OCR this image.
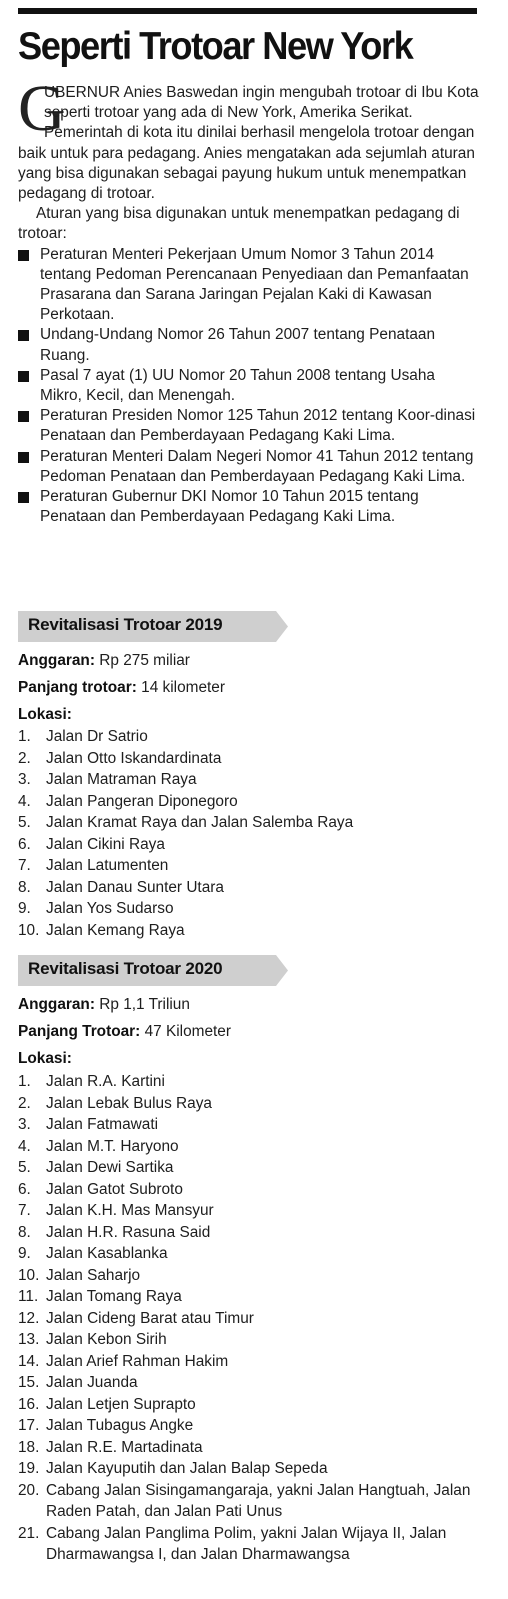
Seperti Trotoar New York

G
UBERNUR Anies Baswedan ingin mengubah trotoar di Ibu Kota seperti trotoar yang ada di New York, Amerika Serikat. Pemerintah di kota itu dinilai berhasil mengelola trotoar dengan baik untuk para pedagang. Anies mengatakan ada sejumlah aturan yang bisa digunakan sebagai payung hukum untuk menempatkan pedagang di trotoar.

Aturan yang bisa digunakan untuk menempatkan pedagang di trotoar:

Peraturan Menteri Pekerjaan Umum Nomor 3 Tahun 2014 tentang Pedoman Perencanaan Penyediaan dan Pemanfaatan Prasarana dan Sarana Jaringan Pejalan Kaki di Kawasan Perkotaan.
Undang-Undang Nomor 26 Tahun 2007 tentang Penataan Ruang.
Pasal 7 ayat (1) UU Nomor 20 Tahun 2008 tentang Usaha Mikro, Kecil, dan Menengah.
Peraturan Presiden Nomor 125 Tahun 2012 tentang Koor-dinasi Penataan dan Pemberdayaan Pedagang Kaki Lima.
Peraturan Menteri Dalam Negeri Nomor 41 Tahun 2012 tentang Pedoman Penataan dan Pemberdayaan Pedagang Kaki Lima.
Peraturan Gubernur DKI Nomor 10 Tahun 2015 tentang Penataan dan Pemberdayaan Pedagang Kaki Lima.
Revitalisasi Trotoar 2019
Anggaran: Rp 275 miliar
Panjang trotoar: 14 kilometer
Lokasi:
1. Jalan Dr Satrio
2. Jalan Otto Iskandardinata
3. Jalan Matraman Raya
4. Jalan Pangeran Diponegoro
5. Jalan Kramat Raya dan Jalan Salemba Raya
6. Jalan Cikini Raya
7. Jalan Latumenten
8. Jalan Danau Sunter Utara
9. Jalan Yos Sudarso
10. Jalan Kemang Raya
Revitalisasi Trotoar 2020
Anggaran: Rp 1,1 Triliun
Panjang Trotoar: 47 Kilometer
Lokasi:
1. Jalan R.A. Kartini
2. Jalan Lebak Bulus Raya
3. Jalan Fatmawati
4. Jalan M.T. Haryono
5. Jalan Dewi Sartika
6. Jalan Gatot Subroto
7. Jalan K.H. Mas Mansyur
8. Jalan H.R. Rasuna Said
9. Jalan Kasablanka
10. Jalan Saharjo
11. Jalan Tomang Raya
12. Jalan Cideng Barat atau Timur
13. Jalan Kebon Sirih
14. Jalan Arief Rahman Hakim
15. Jalan Juanda
16. Jalan Letjen Suprapto
17. Jalan Tubagus Angke
18. Jalan R.E. Martadinata
19. Jalan Kayuputih dan Jalan Balap Sepeda
20. Cabang Jalan Sisingamangaraja, yakni Jalan Hangtuah, Jalan Raden Patah, dan Jalan Pati Unus
21. Cabang Jalan Panglima Polim, yakni Jalan Wijaya II, Jalan Dharmawangsa I, dan Jalan Dharmawangsa
